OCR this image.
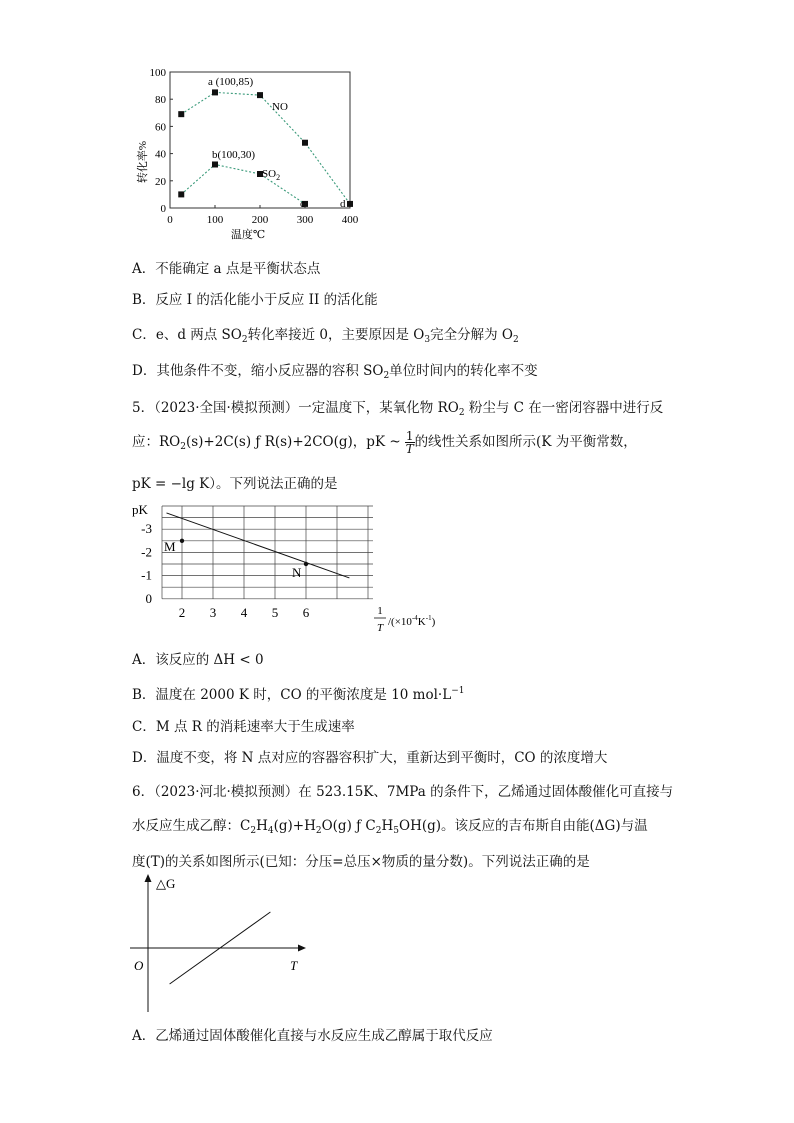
0
20
40
60
80
100
0	100	200	300	400
转化率%
温度℃
a (100,85)
b(100,30)
NO
$SO_2$
c	d
A．不能确定 a 点是平衡状态点
B．反应 I 的活化能小于反应 II 的活化能
C．e、d 两点 $SO_2$转化率接近 0，主要原因是 $O_3$完全分解为 $O_2$
D．其他条件不变，缩小反应器的容积 $SO_2$单位时间内的转化率不变
5．（2023·全国·模拟预测）一定温度下，某氧化物 $RO_2$ 粉尘与 C 在一密闭容器中进行反
应：$RO_2(s)+2C(s)$ ƒ R(s)+2CO(g)，pK ~ $\frac{1}{T}$ 的线性关系如图所示(K 为平衡常数，
pK = −lg K）。下列说法正确的是
pK
0
-1
-2
-3
2 3 4 5 6
M
N
1
T $/(\times 10^{-4}K^{-1})$
A．该反应的 ΔH < 0
B．温度在 2000 K 时，CO 的平衡浓度是 10 $mol\cdot L^{-1}$
C．M 点 R 的消耗速率大于生成速率
D．温度不变，将 N 点对应的容器容积扩大，重新达到平衡时，CO 的浓度增大
6．（2023·河北·模拟预测）在 523.15K、7MPa 的条件下，乙烯通过固体酸催化可直接与
水反应生成乙醇：$C_2H_4(g)+H_2O(g)$ ƒ $C_2H_5OH(g)$。该反应的吉布斯自由能(ΔG)与温
度(T)的关系如图所示(已知：分压=总压×物质的量分数)。下列说法正确的是
△G
T
O
A．乙烯通过固体酸催化直接与水反应生成乙醇属于取代反应
